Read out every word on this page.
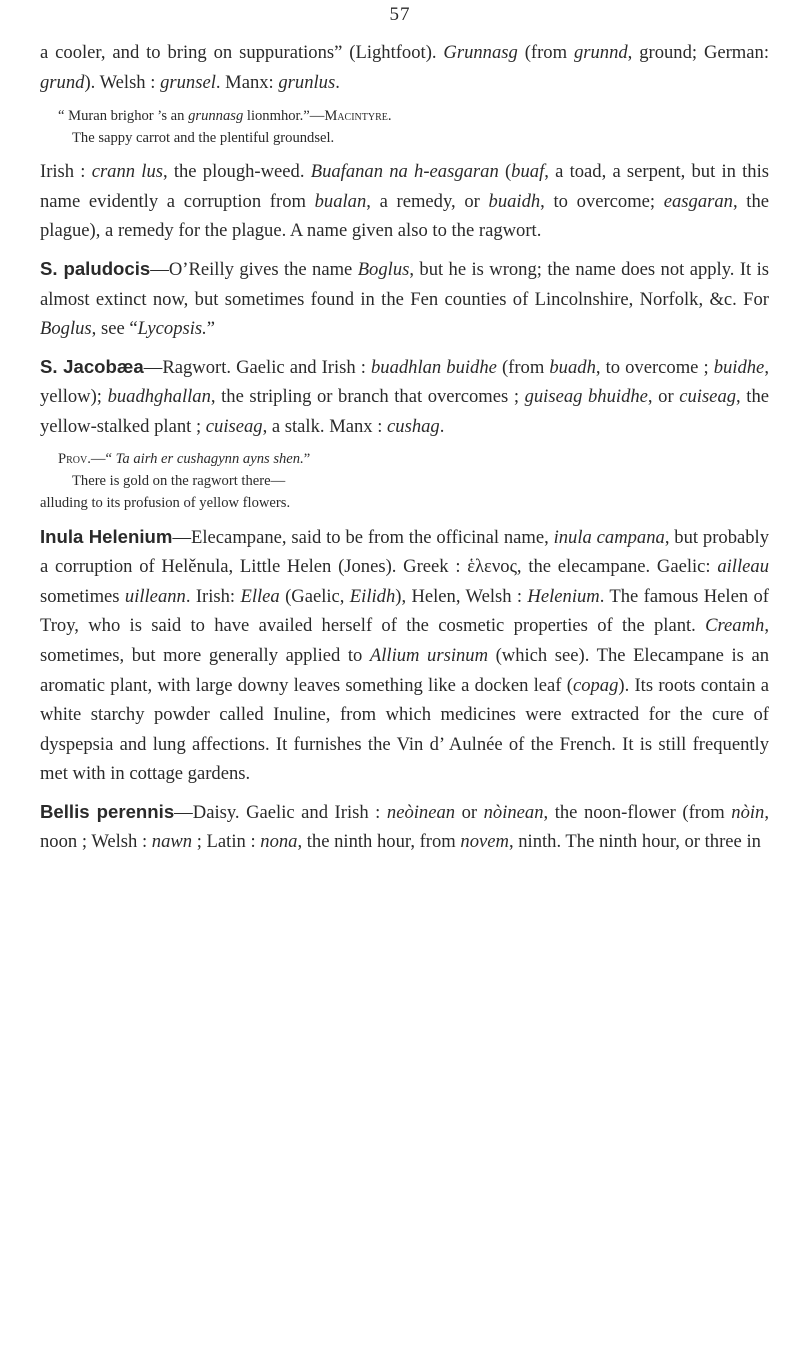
57

a cooler, and to bring on suppurations” (Lightfoot). Grunnasg (from grunnd, ground; German: grund). Welsh : grunsel. Manx: grunlus.

“ Muran brighor ’s an grunnasg lionmhor.”—Macintyre.
The sappy carrot and the plentiful groundsel.

Irish : crann lus, the plough-weed. Buafanan na h-easgaran (buaf, a toad, a serpent, but in this name evidently a corruption from bualan, a remedy, or buaidh, to overcome; easgaran, the plague), a remedy for the plague. A name given also to the ragwort.

S. paludocis—O’Reilly gives the name Boglus, but he is wrong; the name does not apply. It is almost extinct now, but sometimes found in the Fen counties of Lincolnshire, Norfolk, &c. For Boglus, see “Lycopsis.”

S. Jacobæa—Ragwort. Gaelic and Irish : buadhlan buidhe (from buadh, to overcome ; buidhe, yellow); buadhghallan, the stripling or branch that overcomes ; guiseag bhuidhe, or cuiseag, the yellow-stalked plant ; cuiseag, a stalk. Manx : cushag.

Prov.—“ Ta airh er cushagynn ayns shen.”
There is gold on the ragwort there—
alluding to its profusion of yellow flowers.

Inula Helenium—Elecampane, said to be from the officinal name, inula campana, but probably a corruption of Helěnula, Little Helen (Jones). Greek : ἑλενος, the elecampane. Gaelic: ailleau sometimes uilleann. Irish: Ellea (Gaelic, Eilidh), Helen, Welsh : Helenium. The famous Helen of Troy, who is said to have availed herself of the cosmetic properties of the plant. Creamh, sometimes, but more generally applied to Allium ursinum (which see). The Elecampane is an aromatic plant, with large downy leaves something like a docken leaf (copag). Its roots contain a white starchy powder called Inuline, from which medicines were extracted for the cure of dyspepsia and lung affections. It furnishes the Vin d’ Aulnée of the French. It is still frequently met with in cottage gardens.

Bellis perennis—Daisy. Gaelic and Irish : neòinean or nòinean, the noon-flower (from nòin, noon ; Welsh : nawn ; Latin : nona, the ninth hour, from novem, ninth. The ninth hour, or three in
